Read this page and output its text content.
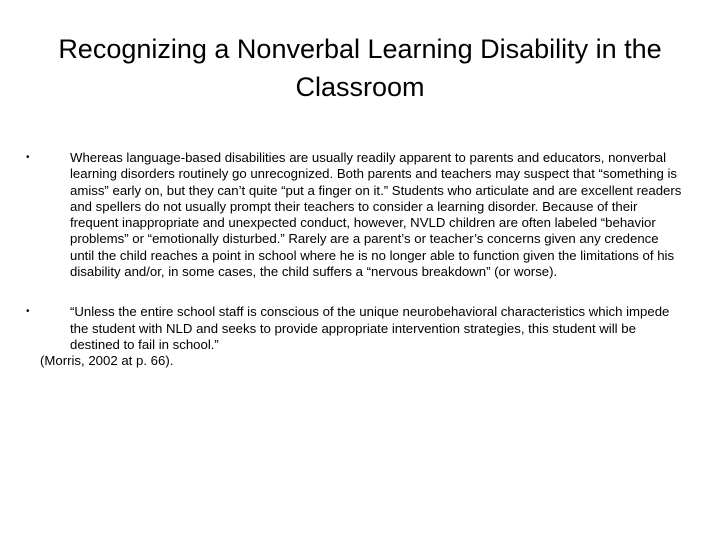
Recognizing a Nonverbal Learning Disability in the Classroom
•	Whereas language-based disabilities are usually readily apparent to parents and educators, nonverbal learning disorders routinely go unrecognized. Both parents and teachers may suspect that “something is amiss” early on, but they can’t quite “put a finger on it.” Students who articulate and are excellent readers and spellers do not usually prompt their teachers to consider a learning disorder. Because of their frequent inappropriate and unexpected conduct, however, NVLD children are often labeled “behavior problems” or “emotionally disturbed.” Rarely are a parent’s or teacher’s concerns given any credence until the child reaches a point in school where he is no longer able to function given the limitations of his disability and/or, in some cases, the child suffers a “nervous breakdown” (or worse).
•	“Unless the entire school staff is conscious of the unique neurobehavioral characteristics which impede the student with NLD and seeks to provide appropriate intervention strategies, this student will be destined to fail in school.”
(Morris, 2002 at p. 66).
